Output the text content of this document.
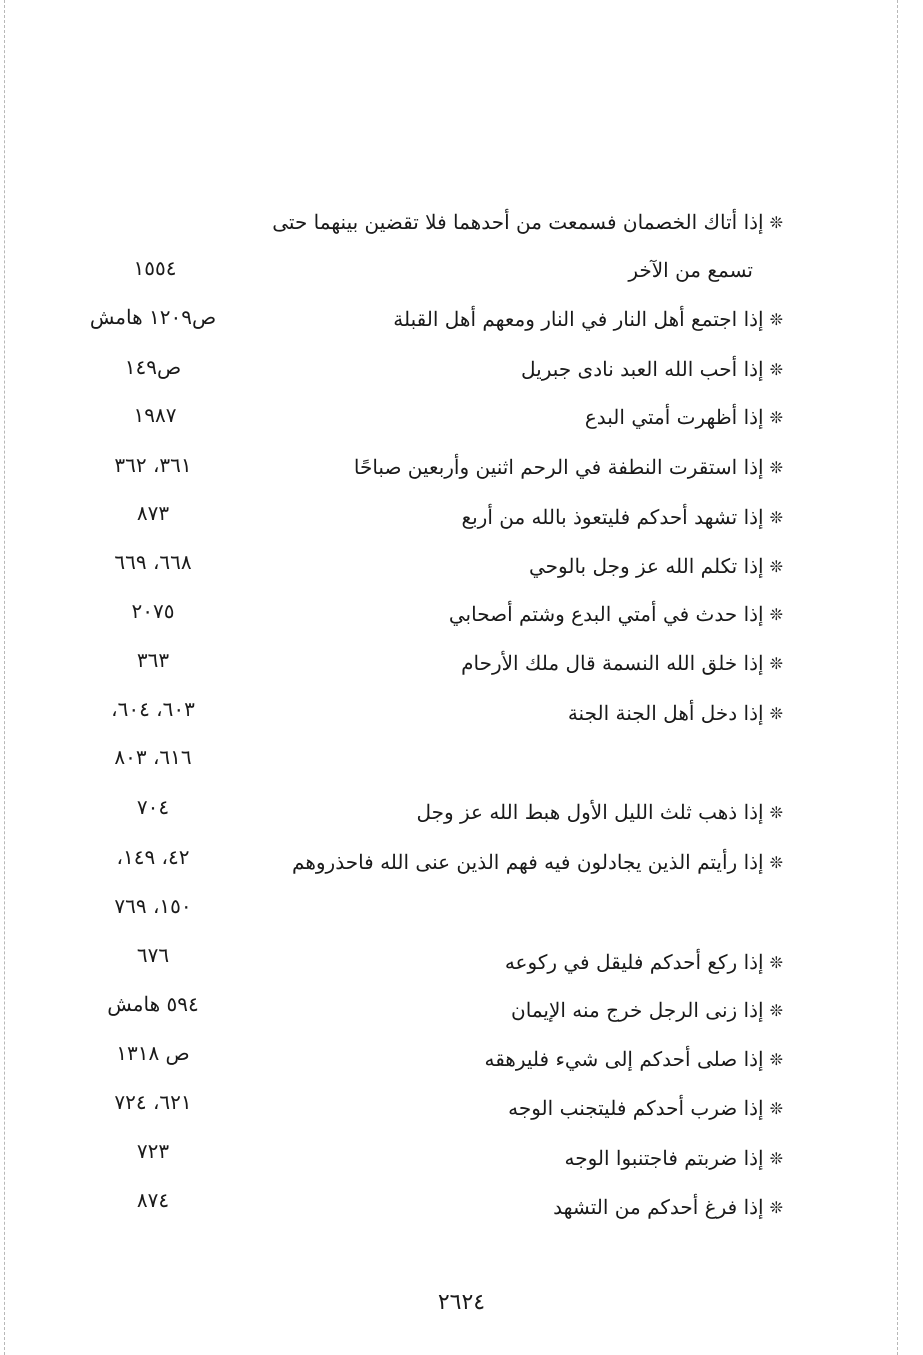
❊إذا أتاك الخصمان فسمعت من أحدهما فلا تقضين بينهما حتى
تسمع من الآخر
١٥٥٤
❊إذا اجتمع أهل النار في النار ومعهم أهل القبلة
ص١٢٠٩ هامش
❊إذا أحب الله العبد نادى جبريل
ص١٤٩
❊إذا أظهرت أمتي البدع
١٩٨٧
❊إذا استقرت النطفة في الرحم اثنين وأربعين صباحًا
٣٦١، ٣٦٢
❊إذا تشهد أحدكم فليتعوذ بالله من أربع
٨٧٣
❊إذا تكلم الله عز وجل بالوحي
٦٦٨، ٦٦٩
❊إذا حدث في أمتي البدع وشتم أصحابي
٢٠٧٥
❊إذا خلق الله النسمة قال ملك الأرحام
٣٦٣
❊إذا دخل أهل الجنة الجنة
٦٠٣، ٦٠٤،
٦١٦، ٨٠٣
❊إذا ذهب ثلث الليل الأول هبط الله عز وجل
٧٠٤
❊إذا رأيتم الذين يجادلون فيه فهم الذين عنى الله فاحذروهم
٤٢، ١٤٩،
١٥٠، ٧٦٩
❊إذا ركع أحدكم فليقل في ركوعه
٦٧٦
❊إذا زنى الرجل خرج منه الإيمان
٥٩٤ هامش
❊إذا صلى أحدكم إلى شيء فليرهقه
ص ١٣١٨
❊إذا ضرب أحدكم فليتجنب الوجه
٦٢١، ٧٢٤
❊إذا ضربتم فاجتنبوا الوجه
٧٢٣
❊إذا فرغ أحدكم من التشهد
٨٧٤
٢٦٢٤
